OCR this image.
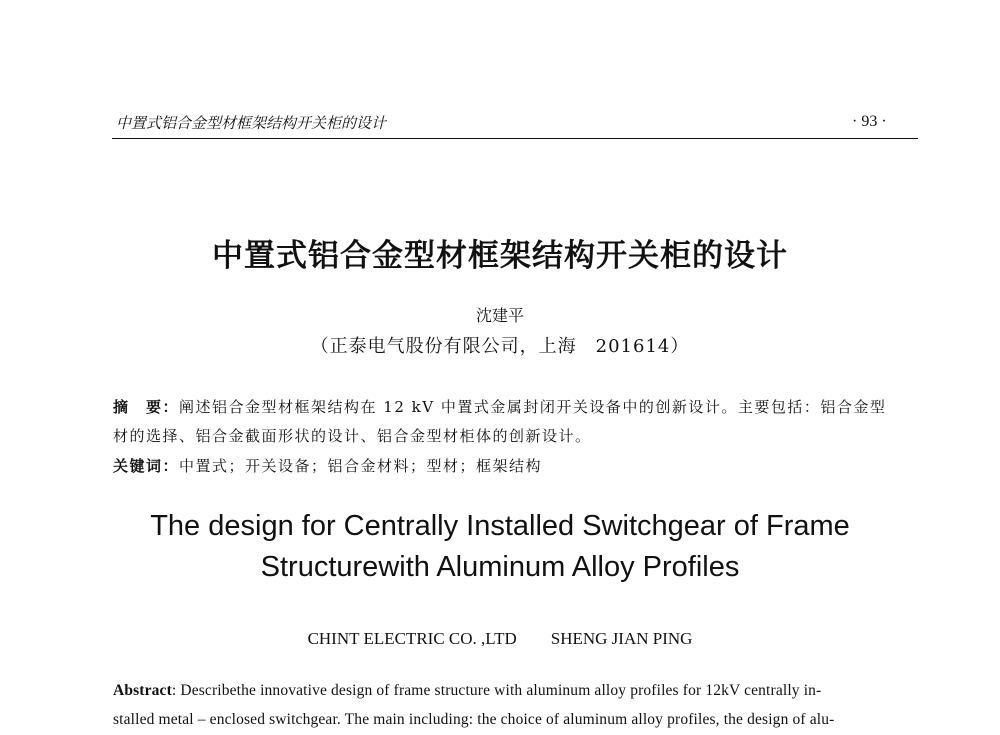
中置式铝合金型材框架结构开关柜的设计	· 93 ·
中置式铝合金型材框架结构开关柜的设计
沈建平
（正泰电气股份有限公司，上海　201614）
摘　要：阐述铝合金型材框架结构在 12 kV 中置式金属封闭开关设备中的创新设计。主要包括：铝合金型
材的选择、铝合金截面形状的设计、铝合金型材柜体的创新设计。
关键词：中置式；开关设备；铝合金材料；型材；框架结构
The design for Centrally Installed Switchgear of Frame
Structurewith Aluminum Alloy Profiles
CHINT ELECTRIC CO. ,LTD　　SHENG JIAN PING
Abstract: Describethe innovative design of frame structure with aluminum alloy profiles for 12kV centrally in-
stalled metal – enclosed switchgear. The main including: the choice of aluminum alloy profiles, the design of alu-
